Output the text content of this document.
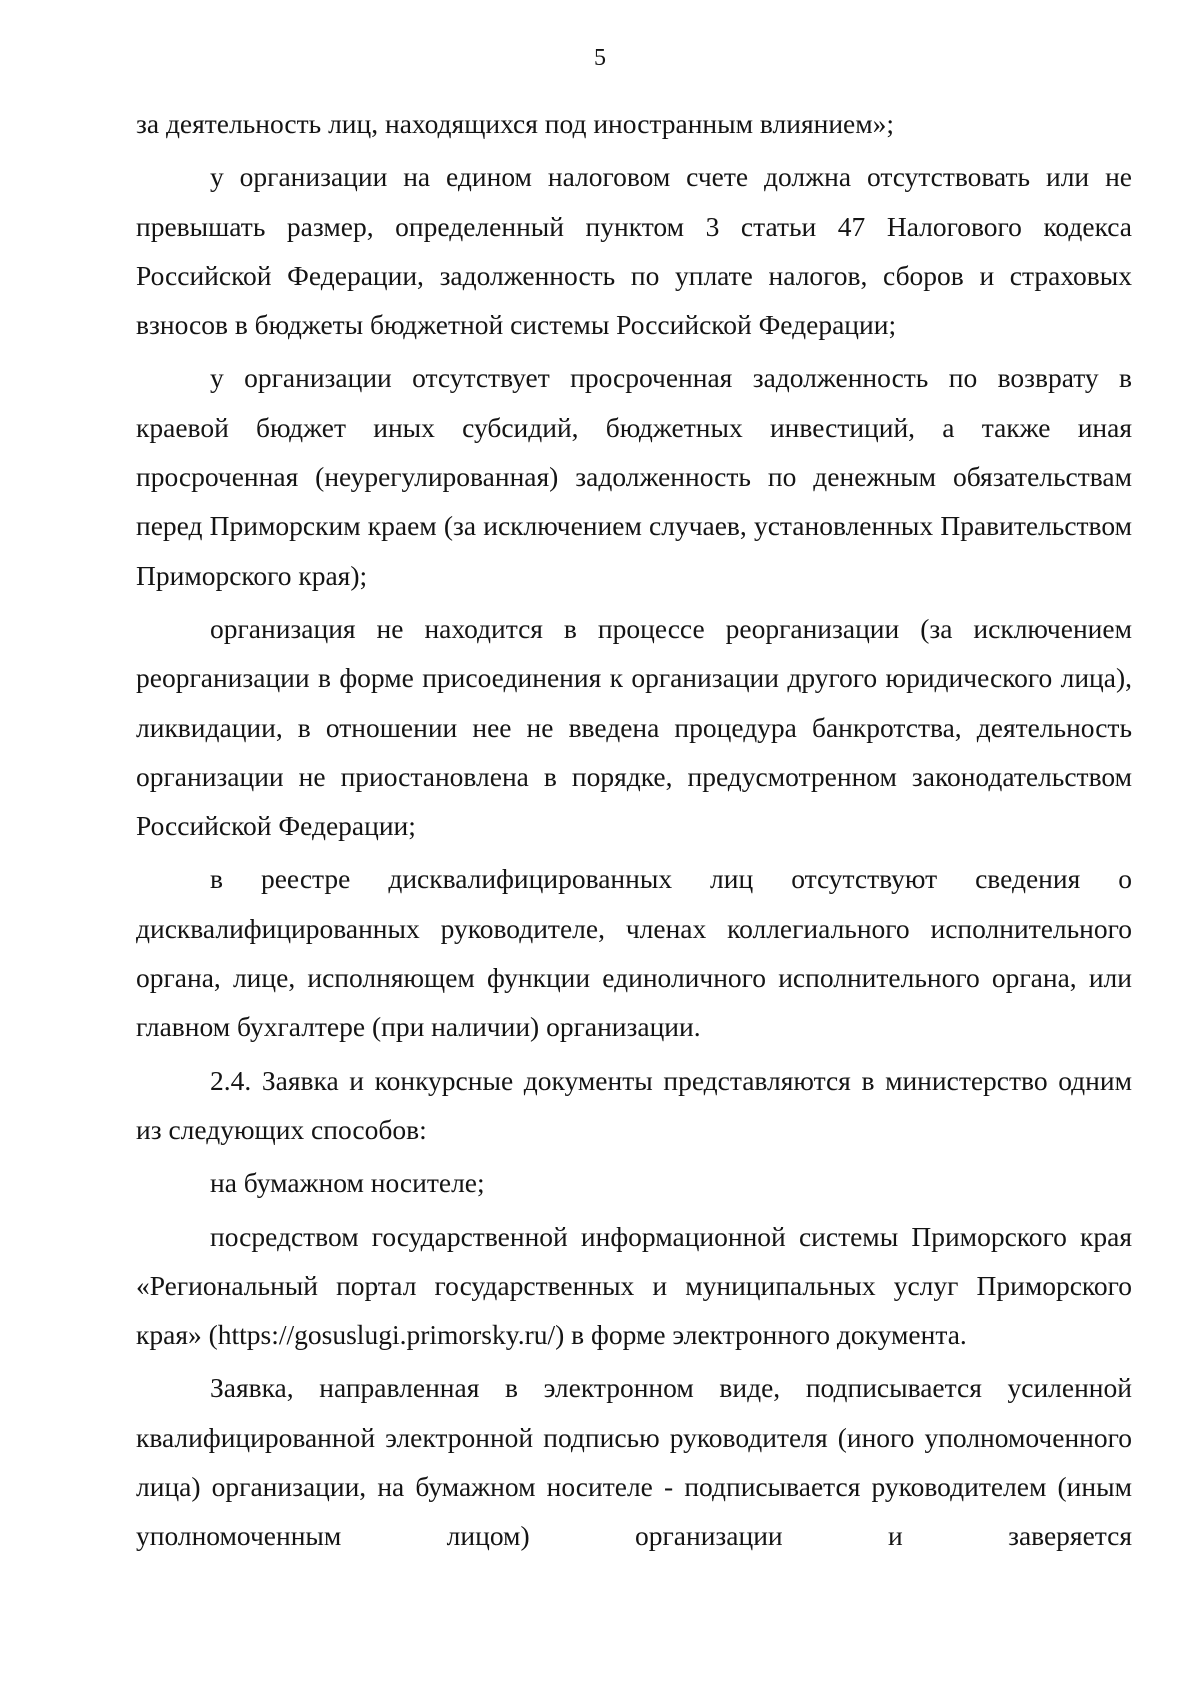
5

за деятельность лиц, находящихся под иностранным влиянием»;

у организации на едином налоговом счете должна отсутствовать или не превышать размер, определенный пунктом 3 статьи 47 Налогового кодекса Российской Федерации, задолженность по уплате налогов, сборов и страховых взносов в бюджеты бюджетной системы Российской Федерации;

у организации отсутствует просроченная задолженность по возврату в краевой бюджет иных субсидий, бюджетных инвестиций, а также иная просроченная (неурегулированная) задолженность по денежным обязательствам перед Приморским краем (за исключением случаев, установленных Правительством Приморского края);

организация не находится в процессе реорганизации (за исключением реорганизации в форме присоединения к организации другого юридического лица), ликвидации, в отношении нее не введена процедура банкротства, деятельность организации не приостановлена в порядке, предусмотренном законодательством Российской Федерации;

в реестре дисквалифицированных лиц отсутствуют сведения о дисквалифицированных руководителе, членах коллегиального исполнительного органа, лице, исполняющем функции единоличного исполнительного органа, или главном бухгалтере (при наличии) организации.

2.4. Заявка и конкурсные документы представляются в министерство одним из следующих способов:

на бумажном носителе;

посредством государственной информационной системы Приморского края «Региональный портал государственных и муниципальных услуг Приморского края» (https://gosuslugi.primorsky.ru/) в форме электронного документа.

Заявка, направленная в электронном виде, подписывается усиленной квалифицированной электронной подписью руководителя (иного уполномоченного лица) организации, на бумажном носителе - подписывается руководителем (иным уполномоченным лицом) организации и заверяется
